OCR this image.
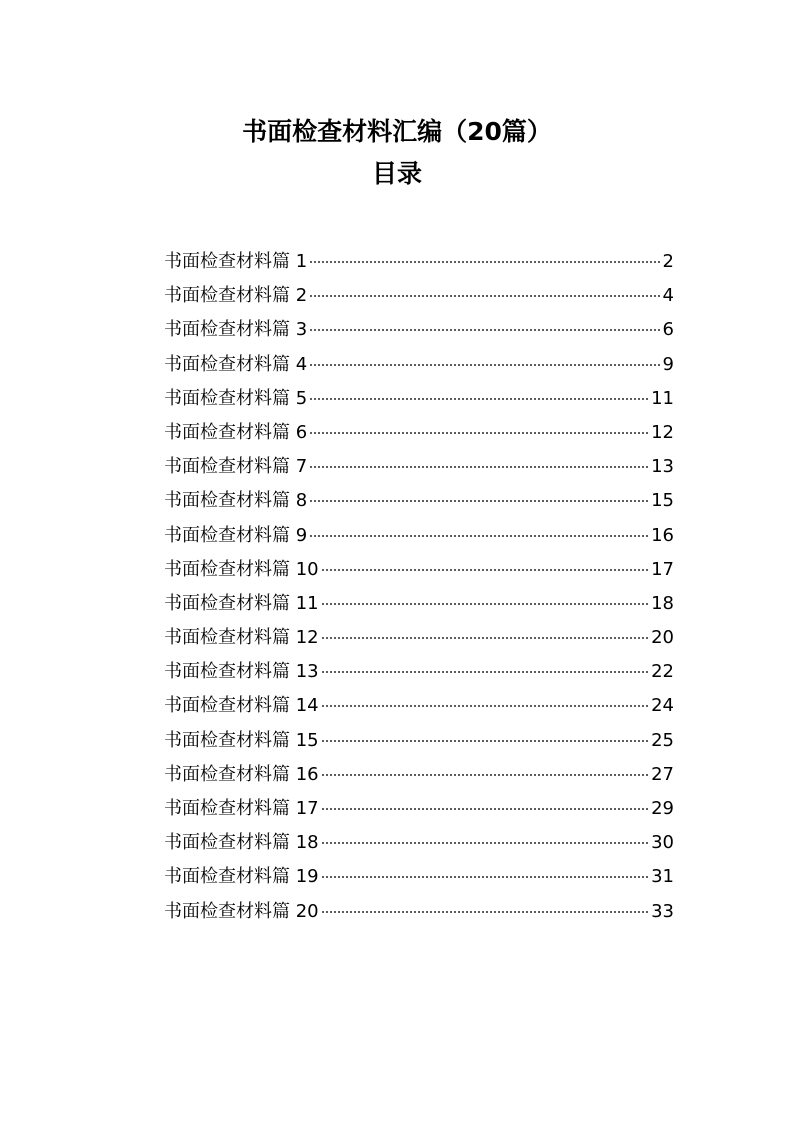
书面检查材料汇编（20篇）
目录
书面检查材料篇 1	2
书面检查材料篇 2	4
书面检查材料篇 3	6
书面检查材料篇 4	9
书面检查材料篇 5	11
书面检查材料篇 6	12
书面检查材料篇 7	13
书面检查材料篇 8	15
书面检查材料篇 9	16
书面检查材料篇 10	17
书面检查材料篇 11	18
书面检查材料篇 12	20
书面检查材料篇 13	22
书面检查材料篇 14	24
书面检查材料篇 15	25
书面检查材料篇 16	27
书面检查材料篇 17	29
书面检查材料篇 18	30
书面检查材料篇 19	31
书面检查材料篇 20	33
